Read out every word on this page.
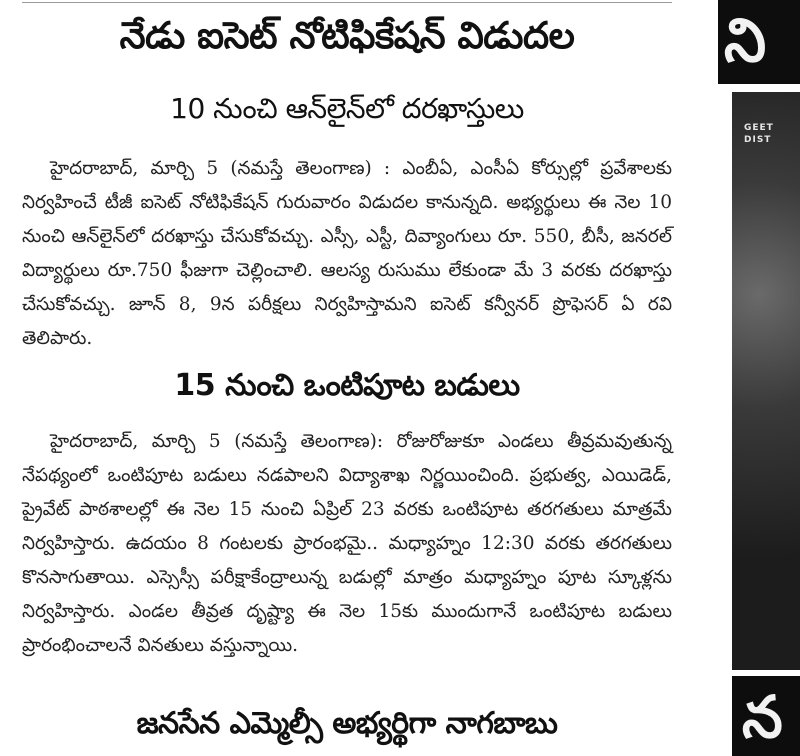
నేడు ఐసెట్ నోటిఫికేషన్ విడుదల
10 నుంచి ఆన్‌లైన్‌లో దరఖాస్తులు
హైదరాబాద్, మార్చి 5 (నమస్తే తెలంగాణ) : ఎంబీఏ, ఎంసీఏ కోర్సుల్లో ప్రవేశాలకు నిర్వహించే టీజీ ఐసెట్ నోటిఫికేషన్ గురువారం విడుదల కానున్నది. అభ్యర్థులు ఈ నెల 10 నుంచి ఆన్‌లైన్‌లో దరఖాస్తు చేసుకోవచ్చు. ఎస్సీ, ఎస్టీ, దివ్యాంగులు రూ. 550, బీసీ, జనరల్ విద్యార్థులు రూ.750 ఫీజుగా చెల్లించాలి. ఆలస్య రుసుము లేకుండా మే 3 వరకు దరఖాస్తు చేసుకోవచ్చు. జూన్ 8, 9న పరీక్షలు నిర్వహిస్తామని ఐసెట్ కన్వీనర్ ప్రొఫెసర్ ఏ రవి తెలిపారు.
15 నుంచి ఒంటిపూట బడులు
హైదరాబాద్, మార్చి 5 (నమస్తే తెలంగాణ): రోజురోజుకూ ఎండలు తీవ్రమవుతున్న నేపథ్యంలో ఒంటిపూట బడులు నడపాలని విద్యాశాఖ నిర్ణయించింది. ప్రభుత్వ, ఎయిడెడ్, ప్రైవేట్ పాఠశాలల్లో ఈ నెల 15 నుంచి ఏప్రిల్ 23 వరకు ఒంటిపూట తరగతులు మాత్రమే నిర్వహిస్తారు. ఉదయం 8 గంటలకు ప్రారంభమై.. మధ్యాహ్నం 12:30 వరకు తరగతులు కొనసాగుతాయి. ఎస్సెస్సీ పరీక్షాకేంద్రాలున్న బడుల్లో మాత్రం మధ్యాహ్నం పూట స్కూళ్లను నిర్వహిస్తారు. ఎండల తీవ్రత దృష్ట్యా ఈ నెల 15కు ముందుగానే ఒంటిపూట బడులు ప్రారంభించాలనే వినతులు వస్తున్నాయి.
జనసేన ఎమ్మెల్సీ అభ్యర్థిగా నాగబాబు
ని
GEET DIST
న
